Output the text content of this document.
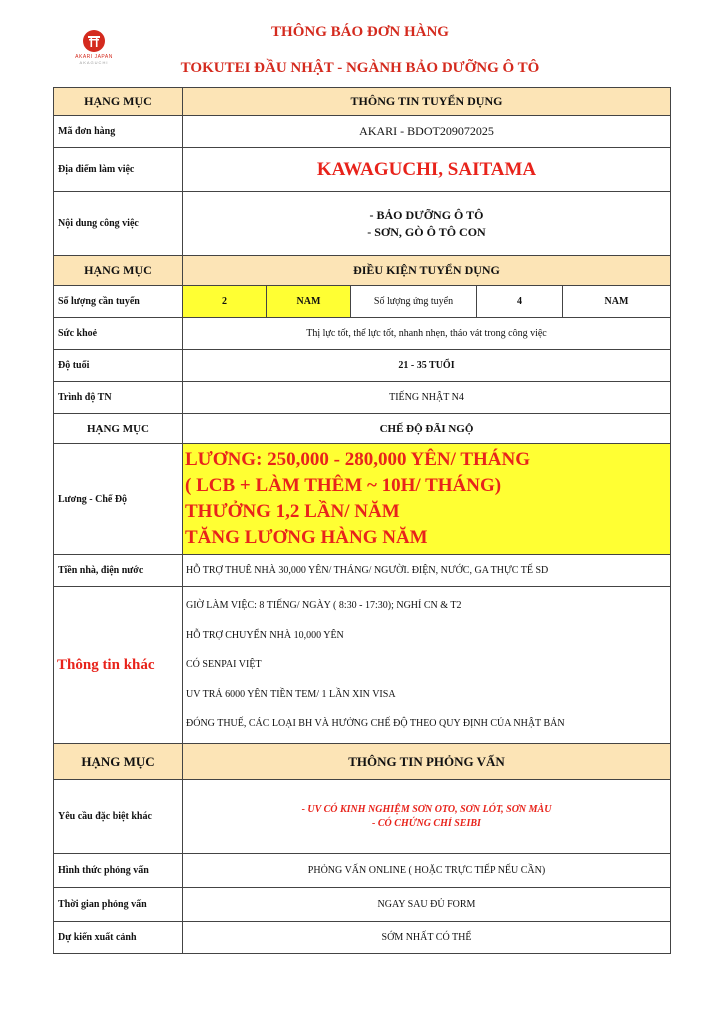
AKARI JAPAN
AKAGUCHI
THÔNG BÁO ĐƠN HÀNG
TOKUTEI ĐẦU NHẬT - NGÀNH BẢO DƯỠNG Ô TÔ
HẠNG MỤC	THÔNG TIN TUYỂN DỤNG				
Mã đơn hàng	AKARI - BDOT209072025				
Địa điểm làm việc	KAWAGUCHI, SAITAMA				
Nội dung công việc	- BẢO DƯỠNG Ô TÔ
- SƠN, GÒ Ô TÔ CON				

HẠNG MỤC	ĐIỀU KIỆN TUYỂN DỤNG				
Số lượng cần tuyển	2	NAM	Số lượng ứng tuyển	4	NAM
Sức khoẻ	Thị lực tốt, thể lực tốt, nhanh nhẹn, tháo vát trong công việc				
Độ tuổi	21 - 35 TUỔI				
Trình độ TN	TIẾNG NHẬT N4				
HẠNG MỤC	CHẾ ĐỘ ĐÃI NGỘ				
Lương - Chế Độ	LƯƠNG: 250,000 - 280,000 YÊN/ THÁNG
( LCB + LÀM THÊM ~ 10H/ THÁNG)
THƯỞNG 1,2 LẦN/ NĂM
TĂNG LƯƠNG HÀNG NĂM				

Tiền nhà, điện nước	HỖ TRỢ THUÊ NHÀ 30,000 YÊN/ THÁNG/ NGƯỜI. ĐIỆN, NƯỚC, GA THỰC TẾ SD				
Thông tin khác	GIỜ LÀM VIỆC: 8 TIẾNG/ NGÀY ( 8:30 - 17:30); NGHỈ CN & T2
HỖ TRỢ CHUYỂN NHÀ 10,000 YÊN
CÓ SENPAI VIỆT
UV TRẢ 6000 YÊN TIỀN TEM/ 1 LẦN XIN VISA
ĐÓNG THUẾ, CÁC LOẠI BH VÀ HƯỞNG CHẾ ĐỘ THEO QUY ĐỊNH CỦA NHẬT BẢN				

HẠNG MỤC	THÔNG TIN PHỎNG VẤN				
Yêu cầu đặc biệt khác	- UV CÓ KINH NGHIỆM SƠN OTO, SƠN LÓT, SƠN MÀU
- CÓ CHỨNG CHỈ SEIBI				

Hình thức phỏng vấn	PHỎNG VẤN ONLINE ( HOẶC TRỰC TIẾP NẾU CẦN)				
Thời gian phỏng vấn	NGAY SAU ĐỦ FORM				
Dự kiến xuất cảnh	SỚM NHẤT CÓ THỂ				
